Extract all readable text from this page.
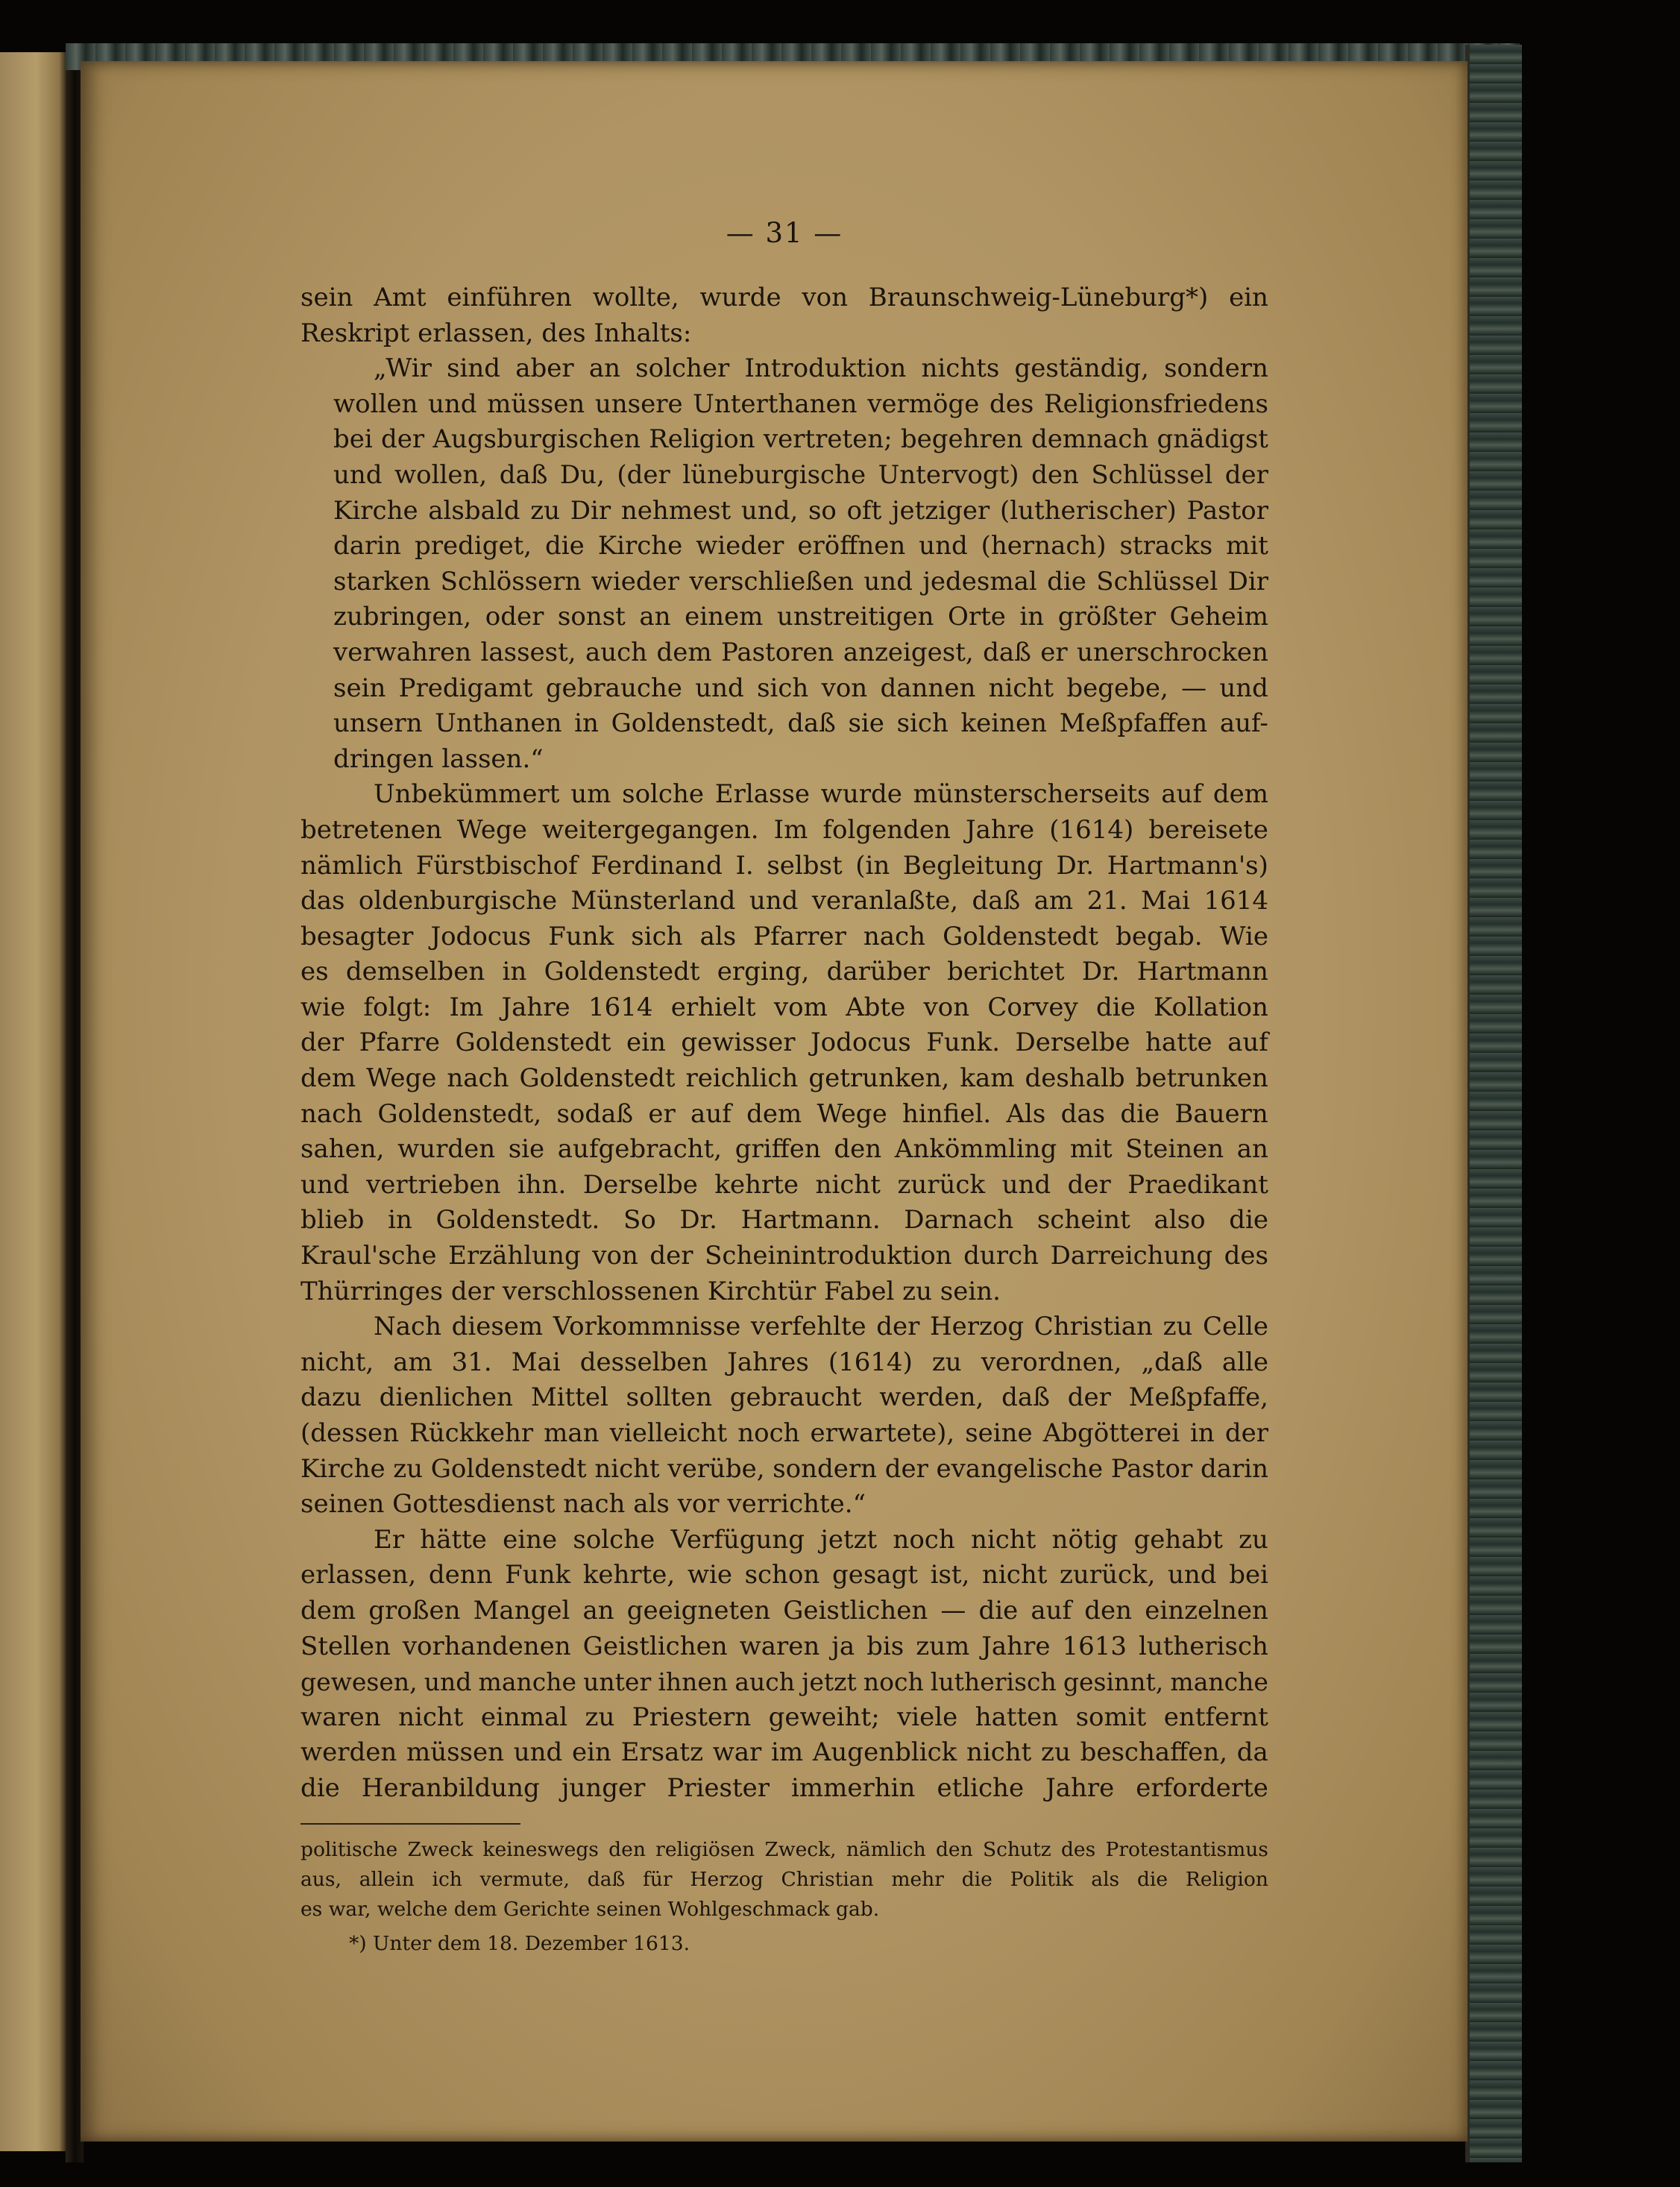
— 31 —
sein Amt einführen wollte, wurde von Braunschweig-Lüneburg*) ein
Reskript
erlassen,
des
Inhalts:
„Wir sind aber an solcher Introduktion nichts geständig, sondern
wollen und müssen unsere Unterthanen vermöge des Religionsfriedens
bei der Augsburgischen Religion vertreten; begehren demnach gnädigst
und wollen, daß Du, (der lüneburgische Untervogt) den Schlüssel der
Kirche alsbald zu Dir nehmest und, so oft jetziger (lutherischer) Pastor
darin prediget, die Kirche wieder eröffnen und (hernach) stracks mit
starken Schlössern wieder verschließen und jedesmal die Schlüssel Dir
zubringen, oder sonst an einem unstreitigen Orte in größter Geheim
verwahren lassest, auch dem Pastoren anzeigest, daß er unerschrocken
sein Predigamt gebrauche und sich von dannen nicht begebe, — und
unsern Unthanen in Goldenstedt, daß sie sich keinen Meßpfaffen auf-
dringen
lassen.“
Unbekümmert um solche Erlasse wurde münsterscherseits auf dem
betretenen Wege weitergegangen. Im folgenden Jahre (1614) bereisete
nämlich Fürstbischof Ferdinand I. selbst (in Begleitung Dr. Hartmann's)
das oldenburgische Münsterland und veranlaßte, daß am 21. Mai 1614
besagter Jodocus Funk sich als Pfarrer nach Goldenstedt begab. Wie
es demselben in Goldenstedt erging, darüber berichtet Dr. Hartmann
wie folgt: Im Jahre 1614 erhielt vom Abte von Corvey die Kollation
der Pfarre Goldenstedt ein gewisser Jodocus Funk. Derselbe hatte auf
dem Wege nach Goldenstedt reichlich getrunken, kam deshalb betrunken
nach Goldenstedt, sodaß er auf dem Wege hinfiel. Als das die Bauern
sahen, wurden sie aufgebracht, griffen den Ankömmling mit Steinen an
und vertrieben ihn. Derselbe kehrte nicht zurück und der Praedikant
blieb in Goldenstedt. So Dr. Hartmann. Darnach scheint also die
Kraul'sche Erzählung von der Scheinintroduktion durch Darreichung des
Thürringes
der
verschlossenen
Kirchtür
Fabel
zu
sein.
Nach diesem Vorkommnisse verfehlte der Herzog Christian zu Celle
nicht, am 31. Mai desselben Jahres (1614) zu verordnen, „daß alle
dazu dienlichen Mittel sollten gebraucht werden, daß der Meßpfaffe,
(dessen Rückkehr man vielleicht noch erwartete), seine Abgötterei in der
Kirche zu Goldenstedt nicht verübe, sondern der evangelische Pastor darin
seinen
Gottesdienst
nach
als
vor
verrichte.“
Er hätte eine solche Verfügung jetzt noch nicht nötig gehabt zu
erlassen, denn Funk kehrte, wie schon gesagt ist, nicht zurück, und bei
dem großen Mangel an geeigneten Geistlichen — die auf den einzelnen
Stellen vorhandenen Geistlichen waren ja bis zum Jahre 1613 lutherisch
gewesen, und manche unter ihnen auch jetzt noch lutherisch gesinnt, manche
waren nicht einmal zu Priestern geweiht; viele hatten somit entfernt
werden müssen und ein Ersatz war im Augenblick nicht zu beschaffen, da
die Heranbildung junger Priester immerhin etliche Jahre erforderte
politische Zweck keineswegs den religiösen Zweck, nämlich den Schutz des Protestantismus
aus, allein ich vermute, daß für Herzog Christian mehr die Politik als die Religion
es
war,
welche
dem
Gerichte
seinen
Wohlgeschmack
gab.
*)
Unter
dem
18.
Dezember
1613.
